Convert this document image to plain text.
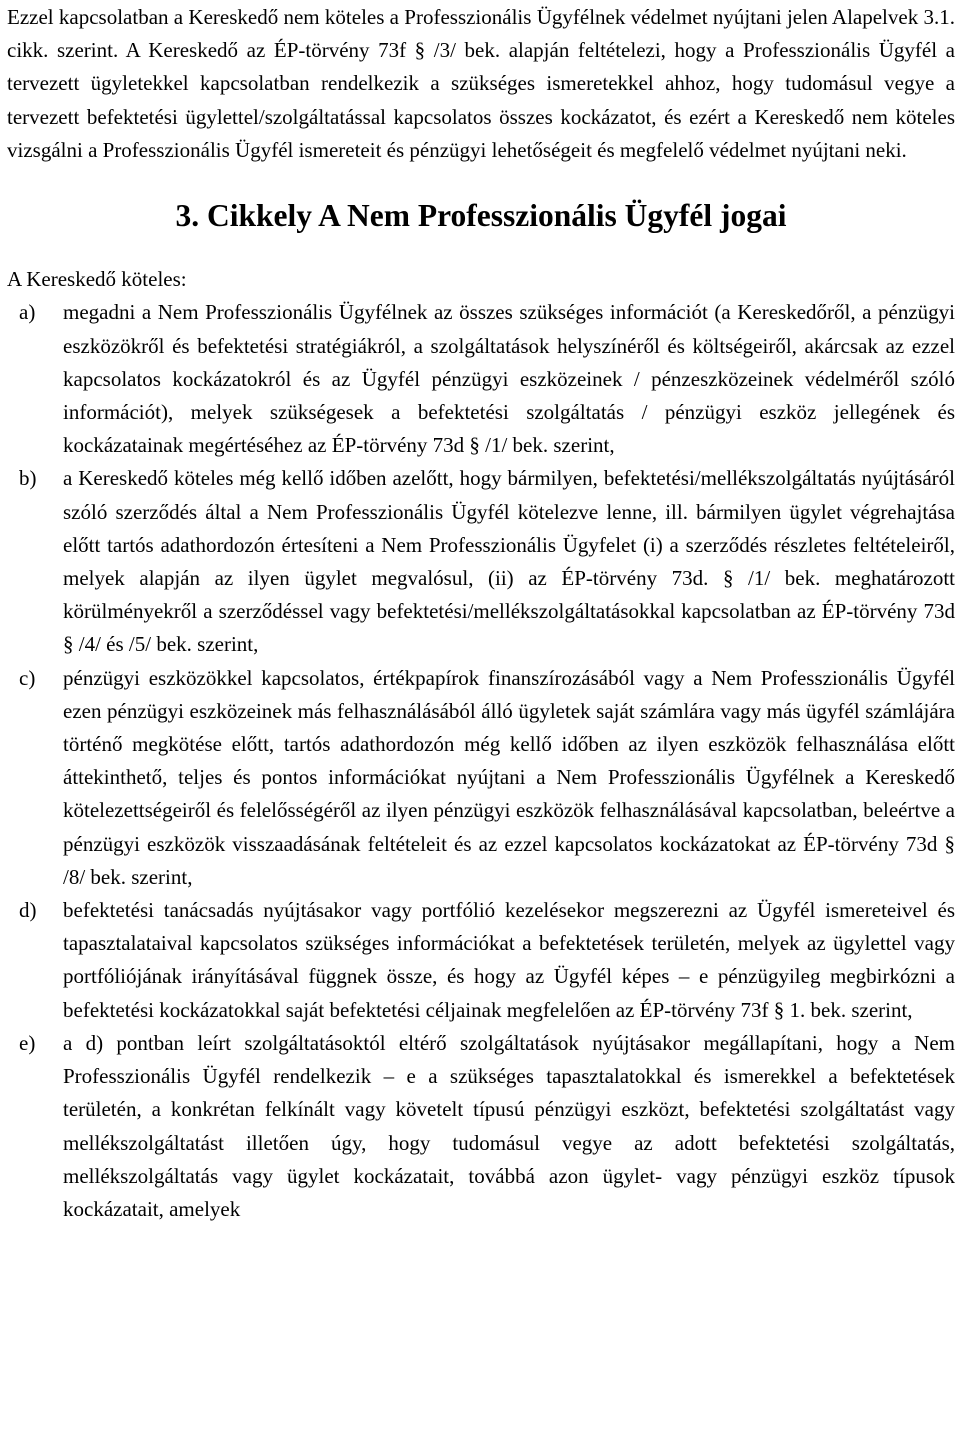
Ezzel kapcsolatban a Kereskedő nem köteles a Professzionális Ügyfélnek védelmet nyújtani jelen Alapelvek 3.1. cikk. szerint. A Kereskedő az ÉP-törvény 73f § /3/ bek. alapján feltételezi, hogy a Professzionális Ügyfél a tervezett ügyletekkel kapcsolatban rendelkezik a szükséges ismeretekkel ahhoz, hogy tudomásul vegye a tervezett befektetési ügylettel/szolgáltatással kapcsolatos összes kockázatot, és ezért a Kereskedő nem köteles vizsgálni a Professzionális Ügyfél ismereteit és pénzügyi lehetőségeit és megfelelő védelmet nyújtani neki.

3. Cikkely A Nem Professzionális Ügyfél jogai

A Kereskedő köteles:

a)	megadni a Nem Professzionális Ügyfélnek az összes szükséges információt (a Kereskedőről, a pénzügyi eszközökről és befektetési stratégiákról, a szolgáltatások helyszínéről és költségeiről, akárcsak az ezzel kapcsolatos kockázatokról és az Ügyfél pénzügyi eszközeinek / pénzeszközeinek védelméről szóló információt), melyek szükségesek a befektetési szolgáltatás / pénzügyi eszköz jellegének és kockázatainak megértéséhez az ÉP-törvény 73d § /1/ bek. szerint,
b)	a Kereskedő köteles még kellő időben azelőtt, hogy bármilyen, befektetési/mellékszolgáltatás nyújtásáról szóló szerződés által a Nem Professzionális Ügyfél kötelezve lenne, ill. bármilyen ügylet végrehajtása előtt tartós adathordozón értesíteni a Nem Professzionális Ügyfelet (i) a szerződés részletes feltételeiről, melyek alapján az ilyen ügylet megvalósul, (ii) az ÉP-törvény 73d. § /1/ bek. meghatározott körülményekről a szerződéssel vagy befektetési/mellékszolgáltatásokkal kapcsolatban az ÉP-törvény 73d § /4/ és /5/ bek. szerint,
c)	pénzügyi eszközökkel kapcsolatos, értékpapírok finanszírozásából vagy a Nem Professzionális Ügyfél ezen pénzügyi eszközeinek más felhasználásából álló ügyletek saját számlára vagy más ügyfél számlájára történő megkötése előtt, tartós adathordozón még kellő időben az ilyen eszközök felhasználása előtt áttekinthető, teljes és pontos információkat nyújtani a Nem Professzionális Ügyfélnek a Kereskedő kötelezettségeiről és felelősségéről az ilyen pénzügyi eszközök felhasználásával kapcsolatban, beleértve a pénzügyi eszközök visszaadásának feltételeit és az ezzel kapcsolatos kockázatokat az ÉP-törvény 73d § /8/ bek. szerint,
d)	befektetési tanácsadás nyújtásakor vagy portfólió kezelésekor megszerezni az Ügyfél ismereteivel és tapasztalataival kapcsolatos szükséges információkat a befektetések területén, melyek az ügylettel vagy portfóliójának irányításával függnek össze, és hogy az Ügyfél képes – e pénzügyileg megbirkózni a befektetési kockázatokkal saját befektetési céljainak megfelelően az ÉP-törvény 73f § 1. bek. szerint,
e)	a d) pontban leírt szolgáltatásoktól eltérő szolgáltatások nyújtásakor megállapítani, hogy a Nem Professzionális Ügyfél rendelkezik – e a szükséges tapasztalatokkal és ismerekkel a befektetések területén, a konkrétan felkínált vagy követelt típusú pénzügyi eszközt, befektetési szolgáltatást vagy mellékszolgáltatást illetően úgy, hogy tudomásul vegye az adott befektetési szolgáltatás, mellékszolgáltatás vagy ügylet kockázatait, továbbá azon ügylet- vagy pénzügyi eszköz típusok kockázatait, amelyek
